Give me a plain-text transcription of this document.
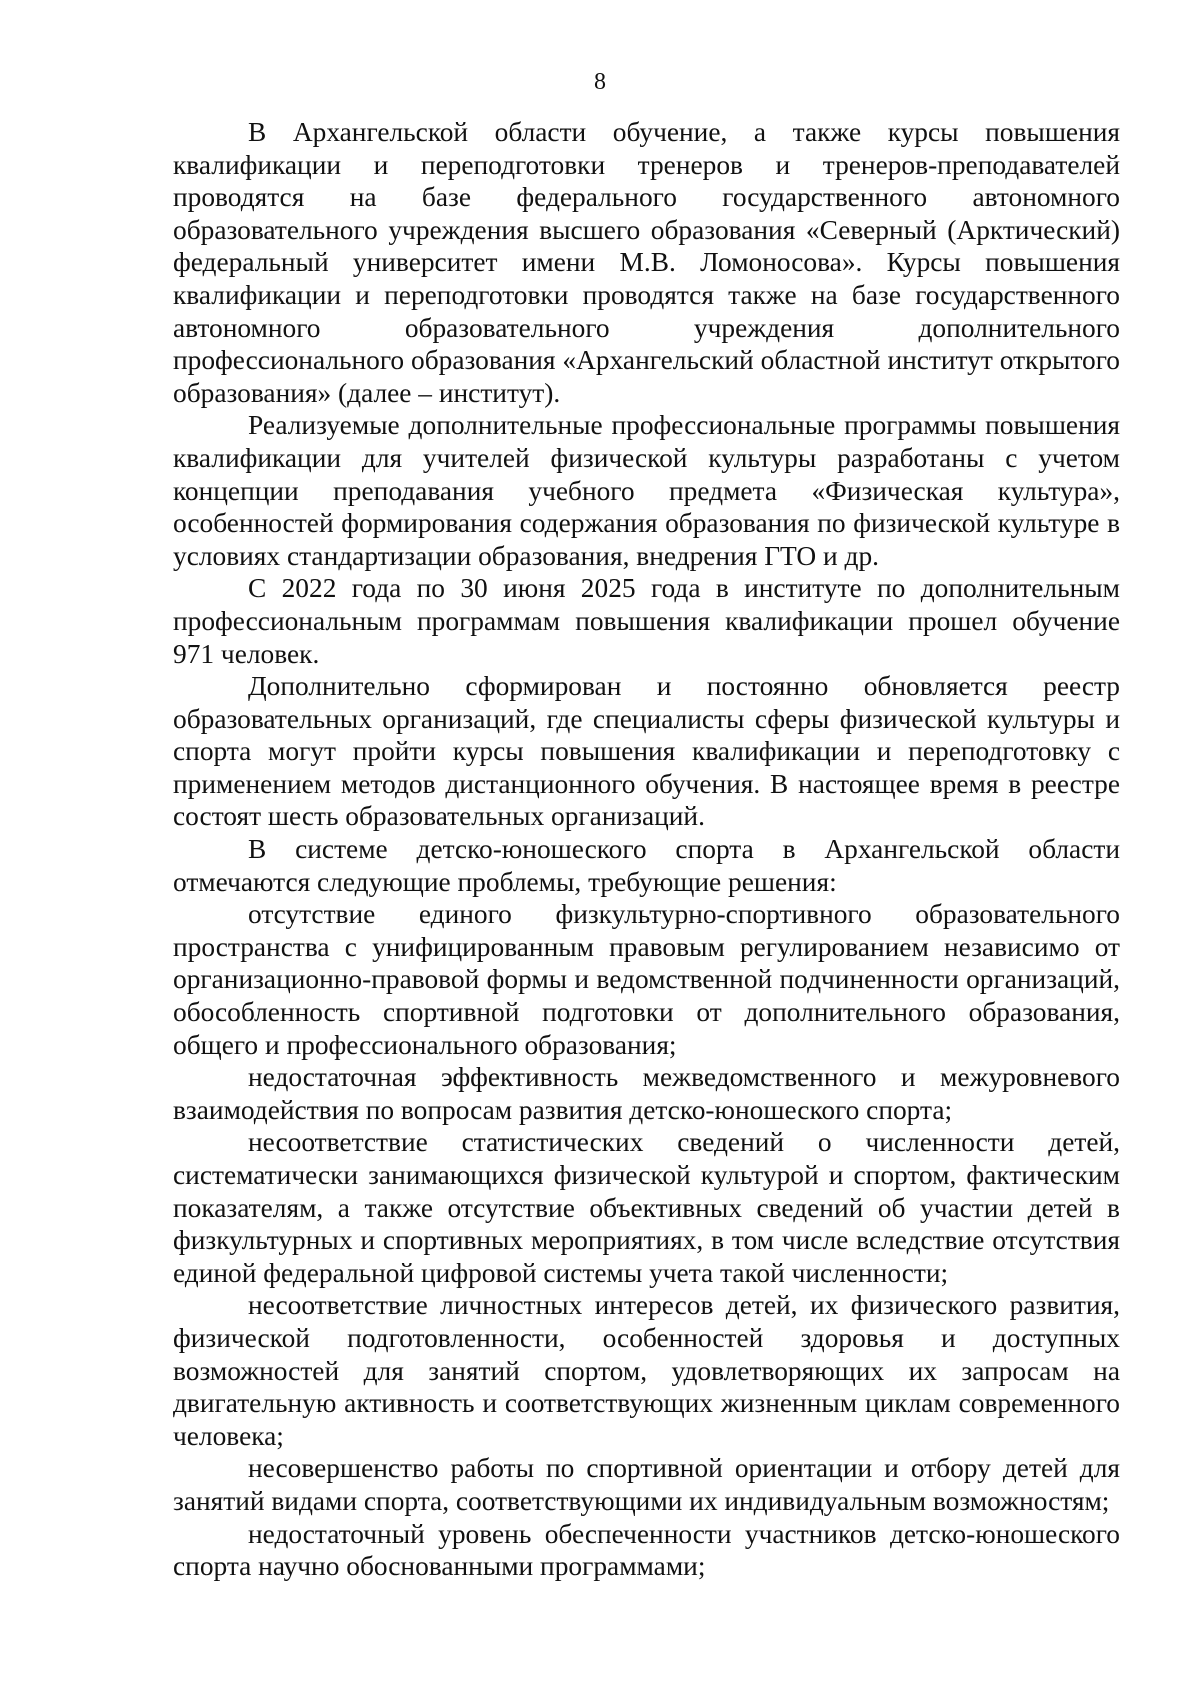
8

В Архангельской области обучение, а также курсы повышения квалификации и переподготовки тренеров и тренеров-преподавателей проводятся на базе федерального государственного автономного образовательного учреждения высшего образования «Северный (Арктический) федеральный университет имени М.В. Ломоносова». Курсы повышения квалификации и переподготовки проводятся также на базе государственного автономного образовательного учреждения дополнительного профессионального образования «Архангельский областной институт открытого образования» (далее – институт).

Реализуемые дополнительные профессиональные программы повышения квалификации для учителей физической культуры разработаны с учетом концепции преподавания учебного предмета «Физическая культура», особенностей формирования содержания образования по физической культуре в условиях стандартизации образования, внедрения ГТО и др.

С 2022 года по 30 июня 2025 года в институте по дополнительным профессиональным программам повышения квалификации прошел обучение 971 человек.

Дополнительно сформирован и постоянно обновляется реестр образовательных организаций, где специалисты сферы физической культуры и спорта могут пройти курсы повышения квалификации и переподготовку с применением методов дистанционного обучения. В настоящее время в реестре состоят шесть образовательных организаций.

В системе детско-юношеского спорта в Архангельской области отмечаются следующие проблемы, требующие решения:

отсутствие единого физкультурно-спортивного образовательного пространства с унифицированным правовым регулированием независимо от организационно-правовой формы и ведомственной подчиненности организаций, обособленность спортивной подготовки от дополнительного образования, общего и профессионального образования;

недостаточная эффективность межведомственного и межуровневого взаимодействия по вопросам развития детско-юношеского спорта;

несоответствие статистических сведений о численности детей, систематически занимающихся физической культурой и спортом, фактическим показателям, а также отсутствие объективных сведений об участии детей в физкультурных и спортивных мероприятиях, в том числе вследствие отсутствия единой федеральной цифровой системы учета такой численности;

несоответствие личностных интересов детей, их физического развития, физической подготовленности, особенностей здоровья и доступных возможностей для занятий спортом, удовлетворяющих их запросам на двигательную активность и соответствующих жизненным циклам современного человека;

несовершенство работы по спортивной ориентации и отбору детей для занятий видами спорта, соответствующими их индивидуальным возможностям;

недостаточный уровень обеспеченности участников детско-юношеского спорта научно обоснованными программами;
